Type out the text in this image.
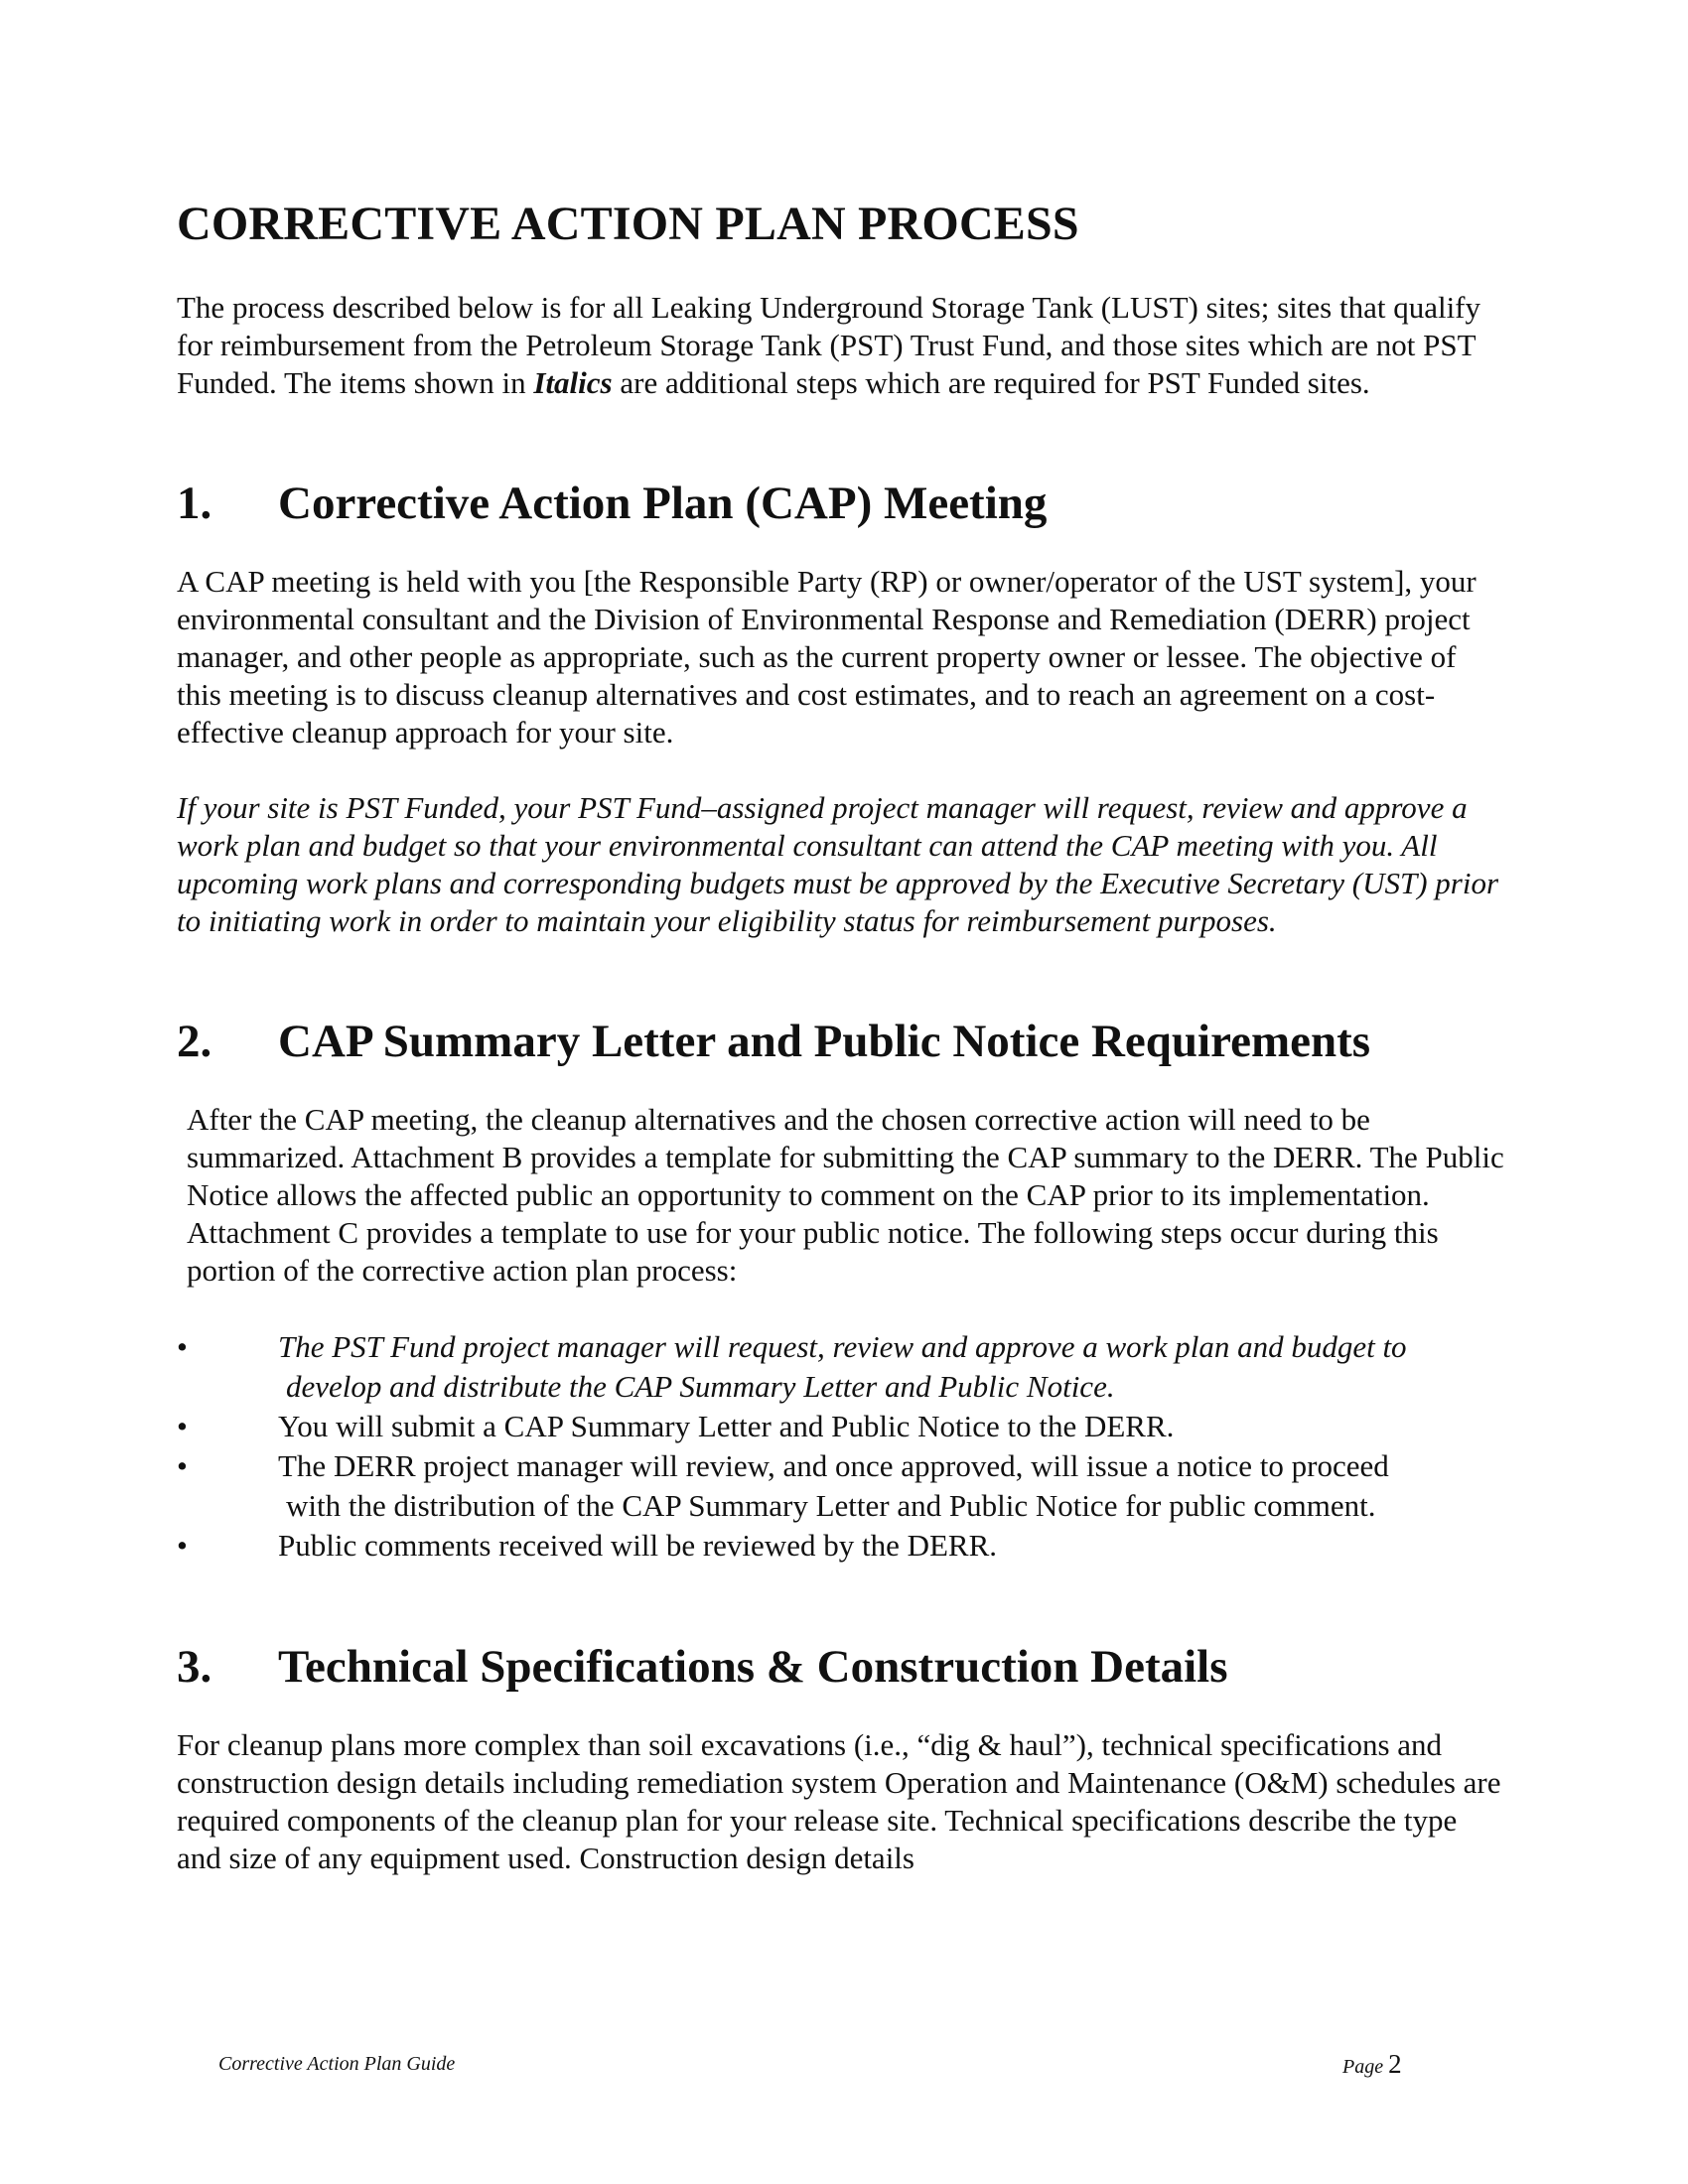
CORRECTIVE ACTION PLAN PROCESS

The process described below is for all Leaking Underground Storage Tank (LUST) sites; sites that qualify for reimbursement from the Petroleum Storage Tank (PST) Trust Fund, and those sites which are not PST Funded. The items shown in Italics are additional steps which are required for PST Funded sites.

1.	Corrective Action Plan (CAP) Meeting

A CAP meeting is held with you [the Responsible Party (RP) or owner/operator of the UST system], your environmental consultant and the Division of Environmental Response and Remediation (DERR) project manager, and other people as appropriate, such as the current property owner or lessee. The objective of this meeting is to discuss cleanup alternatives and cost estimates, and to reach an agreement on a cost-effective cleanup approach for your site.

If your site is PST Funded, your PST Fund–assigned project manager will request, review and approve a work plan and budget so that your environmental consultant can attend the CAP meeting with you. All upcoming work plans and corresponding budgets must be approved by the Executive Secretary (UST) prior to initiating work in order to maintain your eligibility status for reimbursement purposes.

2.	CAP Summary Letter and Public Notice Requirements

After the CAP meeting, the cleanup alternatives and the chosen corrective action will need to be summarized. Attachment B provides a template for submitting the CAP summary to the DERR. The Public Notice allows the affected public an opportunity to comment on the CAP prior to its implementation. Attachment C provides a template to use for your public notice. The following steps occur during this portion of the corrective action plan process:

•	The PST Fund project manager will request, review and approve a work plan and budget to
develop and distribute the CAP Summary Letter and Public Notice.
•	You will submit a CAP Summary Letter and Public Notice to the DERR.
•	The DERR project manager will review, and once approved, will issue a notice to proceed
with the distribution of the CAP Summary Letter and Public Notice for public comment.
•	Public comments received will be reviewed by the DERR.
3.	Technical Specifications & Construction Details

For cleanup plans more complex than soil excavations (i.e., “dig & haul”), technical specifications and construction design details including remediation system Operation and Maintenance (O&M) schedules are required components of the cleanup plan for your release site. Technical specifications describe the type and size of any equipment used. Construction design details

Corrective Action Plan Guide	Page 2
